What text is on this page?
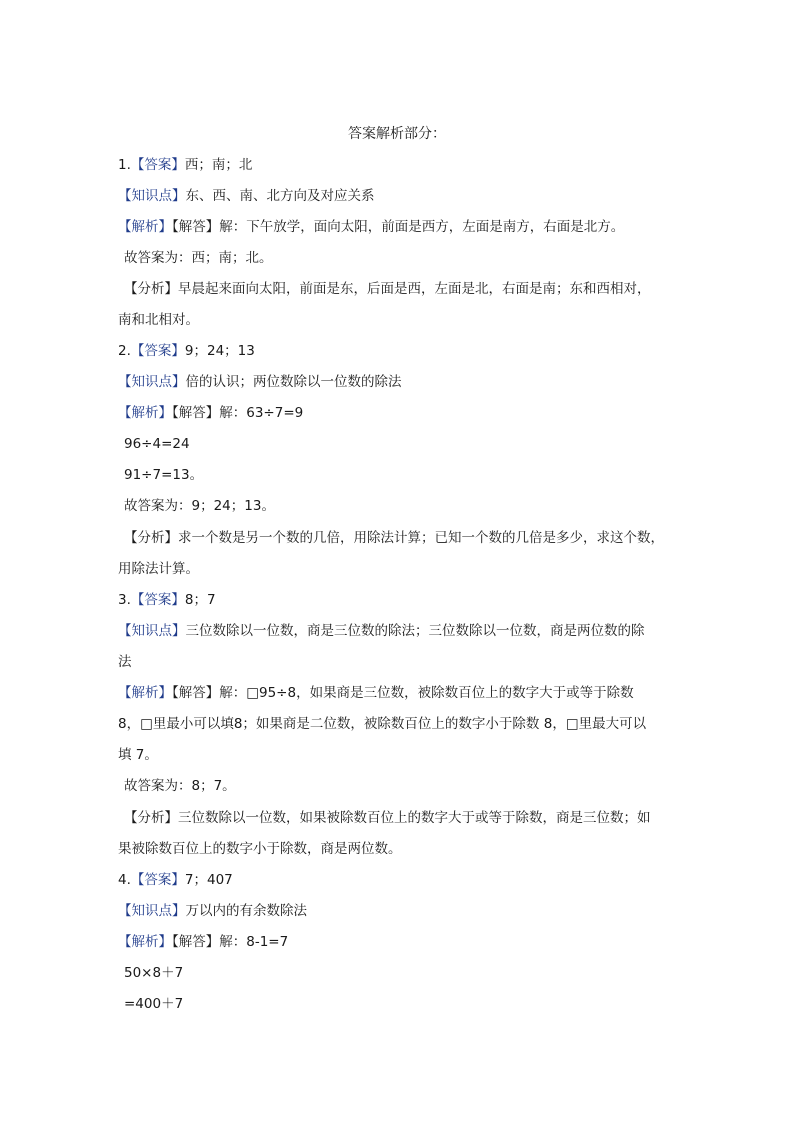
答案解析部分：
1.【答案】西；南；北
【知识点】东、西、南、北方向及对应关系
【解析】【解答】解：下午放学，面向太阳，前面是西方，左面是南方，右面是北方。
故答案为：西；南；北。
【分析】早晨起来面向太阳，前面是东，后面是西，左面是北，右面是南；东和西相对，
南和北相对。
2.【答案】9；24；13
【知识点】倍的认识；两位数除以一位数的除法
【解析】【解答】解：63÷7=9
96÷4=24
91÷7=13。
故答案为：9；24；13。
【分析】求一个数是另一个数的几倍，用除法计算；已知一个数的几倍是多少，求这个数，
用除法计算。
3.【答案】8；7
【知识点】三位数除以一位数，商是三位数的除法；三位数除以一位数，商是两位数的除
法
【解析】【解答】解：□95÷8，如果商是三位数，被除数百位上的数字大于或等于除数
8，□里最小可以填8；如果商是二位数，被除数百位上的数字小于除数 8，□里最大可以
填 7。
故答案为：8；7。
【分析】三位数除以一位数，如果被除数百位上的数字大于或等于除数，商是三位数；如
果被除数百位上的数字小于除数，商是两位数。
4.【答案】7；407
【知识点】万以内的有余数除法
【解析】【解答】解：8-1=7
50×8＋7
=400＋7
